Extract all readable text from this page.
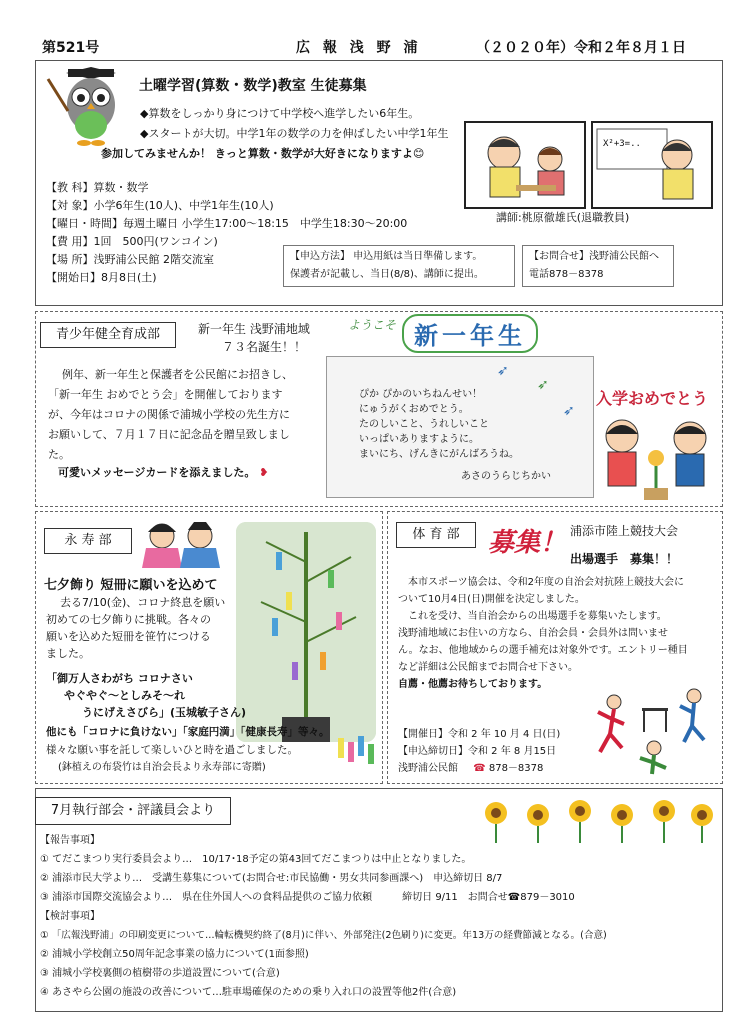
第521号	広 報 浅 野 浦	（２０２０年）令和２年８月１日
土曜学習(算数・数学)教室 生徒募集
◆算数をしっかり身につけて中学校へ進学したい6年生。
◆スタートが大切。中学1年の数学の力を伸ばしたい中学1年生
参加してみませんか！ きっと算数・数学が大好きになりますよ😊
【教 科】算数・数学
【対 象】小学6年生(10人)、中学1年生(10人)
【曜日・時間】毎週土曜日 小学生17:00～18:15　中学生18:30～20:00
【費 用】1回　500円(ワンコイン)
【場 所】浅野浦公民館 2階交流室
【開始日】8月8日(土)
X²+3=..
講師:桃原徹雄氏(退職教員)
【申込方法】 申込用紙は当日準備します。
保護者が記載し、当日(8/8)、講師に提出。
【お問合せ】浅野浦公民館へ
電話878－8378
青少年健全育成部	新一年生 浅野浦地域
７３名誕生！！
例年、新一年生と保護者を公民館にお招きし、
「新一年生 おめでとう会」を開催しております
が、今年はコロナの関係で浦城小学校の先生方に
お願いして、７月１７日に記念品を贈呈致しまし
た。
可愛いメッセージカードを添えました。 ❥
ようこそ 新一年生
➶
➶
➶
ぴか ぴかのいちねんせい！
にゅうがくおめでとう。
たのしいこと、うれしいこと
いっぱいありますように。
まいにち、げんきにがんばろうね。
あさのうらじちかい
入学おめでとう
永 寿 部
七夕飾り 短冊に願いを込めて
去る7/10(金)、コロナ終息を願い
初めての七夕飾りに挑戦。各々の
願いを込めた短冊を笹竹につける
ました。
「御万人さわがち コロナさい
やぐやぐ～としみそ～れ
うにげえさびら」(玉城敏子さん)
他にも「コロナに負けない」「家庭円満」「健康長寿」等々。
様々な願い事を託して楽しいひと時を過ごしました。
(鉢植えの布袋竹は自治会長より永寿部に寄贈)
体 育 部	募集！ 浦添市陸上競技大会
出場選手　募集！！
本市スポーツ協会は、令和2年度の自治会対抗陸上競技大会に
ついて10月4日(日)開催を決定しました。
これを受け、当自治会からの出場選手を募集いたします。
浅野浦地域にお住いの方なら、自治会員・会員外は問いませ
ん。なお、他地域からの選手補充は対象外です。エントリー種目
など詳細は公民館までお問合せ下さい。
自薦・他薦お待ちしております。
【開催日】令和 2 年 10 月 4 日(日)
【申込締切日】令和 2 年 8 月15日
浅野浦公民館 ☎ 878－8378
7月執行部会・評議員会より
【報告事項】
① てだこまつり実行委員会より…　10/17･18予定の第43回てだこまつりは中止となりました。
② 浦添市民大学より…　受講生募集について(お問合せ:市民協働・男女共同参画課へ)　申込締切日 8/7
③ 浦添市国際交流協会より…　県在住外国人への食料品提供のご協力依頼　　　締切日 9/11　お問合せ☎879－3010
【検討事項】
① 「広報浅野浦」の印刷変更について…輪転機契約終了(8月)に伴い、外部発注(2色刷り)に変更。年13万の経費節減となる。(合意)
② 浦城小学校創立50周年記念事業の協力について(1面参照)
③ 浦城小学校裏側の植樹帯の歩道設置について(合意)
④ あさやら公園の施設の改善について…駐車場確保のための乗り入れ口の設置等他2件(合意)
